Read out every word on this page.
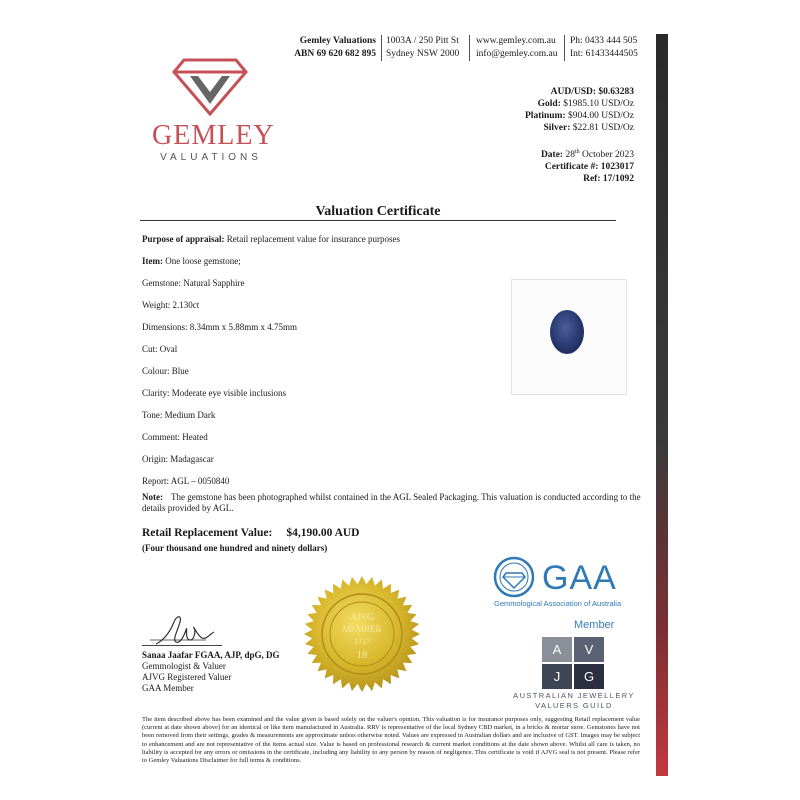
Gemley Valuations
ABN 69 620 682 895
1003A / 250 Pitt St
Sydney NSW 2000
www.gemley.com.au
info@gemley.com.au
Ph: 0433 444 505
Int: 61433444505
GEMLEY
VALUATIONS
AUD/USD: $0.63283
Gold: $1985.10 USD/Oz
Platinum: $904.00 USD/Oz
Silver: $22.81 USD/Oz
Date: 28th October 2023
Certificate #: 1023017
Ref: 17/1092
Valuation Certificate
Purpose of appraisal: Retail replacement value for insurance purposes
Item: One loose gemstone;
Gemstone: Natural Sapphire
Weight: 2.130ct
Dimensions: 8.34mm x 5.88mm x 4.75mm
Cut: Oval
Colour: Blue
Clarity: Moderate eye visible inclusions
Tone: Medium Dark
Comment: Heated
Origin: Madagascar
Report: AGL – 0050840
Note: The gemstone has been photographed whilst contained in the AGL Sealed Packaging. This valuation is conducted according to the details provided by AGL.
Retail Replacement Value: $4,190.00 AUD
(Four thousand one hundred and ninety dollars)
AJVG
MEMBER
1717
18
Sanaa Jaafar FGAA, AJP, dpG, DG
Gemmologist & Valuer
AJVG Registered Valuer
GAA Member
GAA
Gemmological Association of Australia
Member
A	V
J	G
AUSTRALIAN JEWELLERY
VALUERS GUILD
The item described above has been examined and the value given is based solely on the valuer's opinion. This valuation is for insurance purposes only, suggesting Retail replacement value (current at date shown above) for an identical or like item manufactured in Australia. RRV is representative of the local Sydney CBD market, in a bricks & mortar store. Gemstones have not been removed from their settings, grades & measurements are approximate unless otherwise noted. Values are expressed in Australian dollars and are inclusive of GST. Images may be subject to enhancement and are not representative of the items actual size. Value is based on professional research & current market conditions at the date shown above. Whilst all care is taken, no liability is accepted for any errors or omissions in the certificate, including any liability to any person by reason of negligence. This certificate is void if AJVG seal is not present. Please refer to Gemley Valuations Disclaimer for full terms & conditions.
